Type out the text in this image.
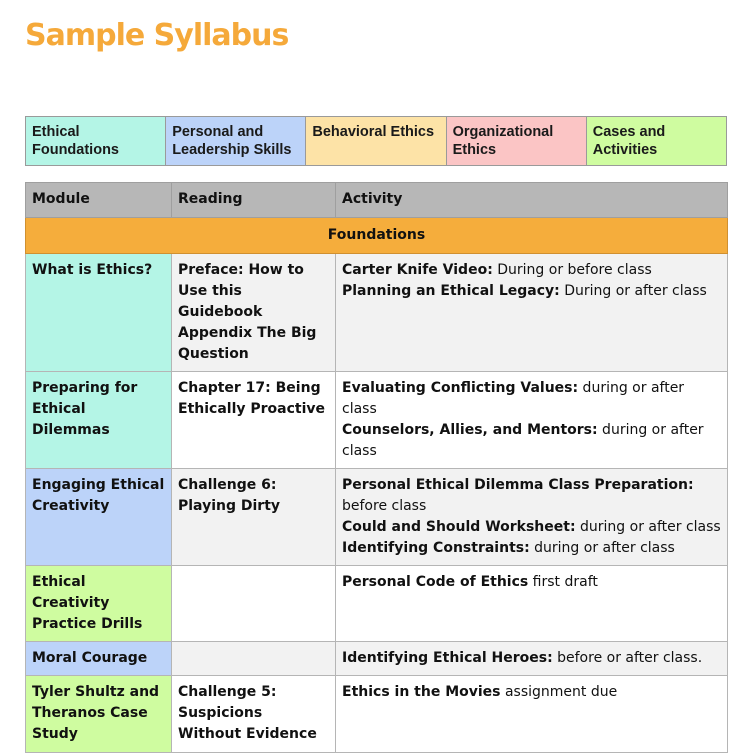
Sample Syllabus
Ethical Foundations	Personal and Leadership Skills	Behavioral Ethics	Organizational Ethics	Cases and Activities
Module	Reading	Activity
Foundations		
What is Ethics?	Preface: How to Use this Guidebook Appendix The Big Question	Carter Knife Video: During or before class
Planning an Ethical Legacy: During or after class

Preparing for Ethical Dilemmas	Chapter 17: Being Ethically Proactive	Evaluating Conflicting Values: during or after class
Counselors, Allies, and Mentors: during or after class

Engaging Ethical Creativity	Challenge 6: Playing Dirty	Personal Ethical Dilemma Class Preparation: before class
Could and Should Worksheet: during or after class
Identifying Constraints: during or after class

Ethical Creativity Practice Drills		Personal Code of Ethics first draft

Moral Courage		Identifying Ethical Heroes: before or after class.

Tyler Shultz and Theranos Case Study	Challenge 5: Suspicions Without Evidence	Ethics in the Movies assignment due
